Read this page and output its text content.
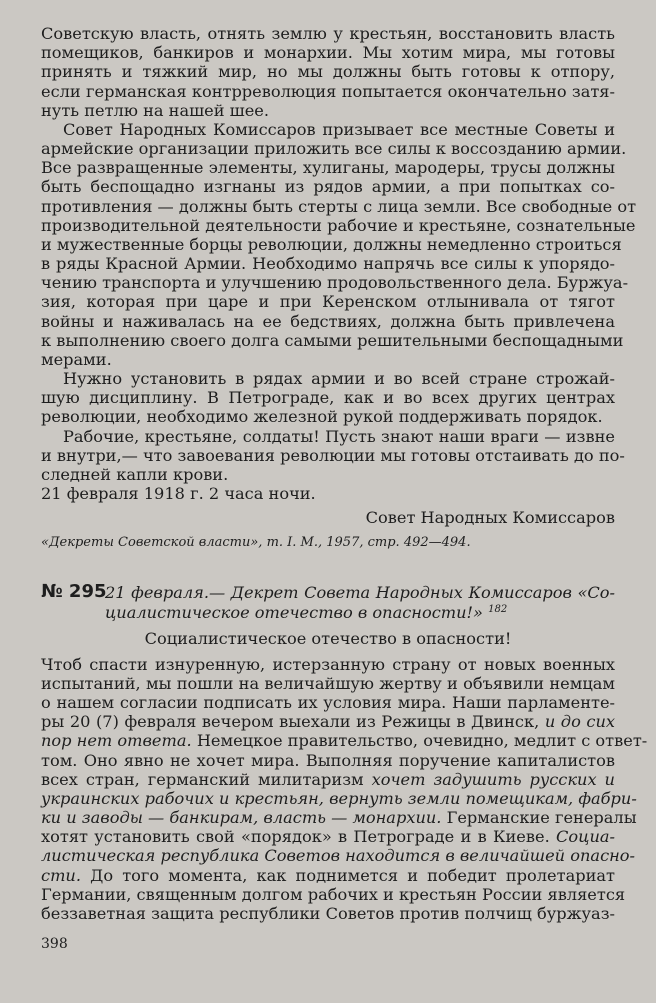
Советскую власть, отнять землю у крестьян, восстановить власть
помещиков, банкиров и монархии. Мы хотим мира, мы готовы
принять и тяжкий мир, но мы должны быть готовы к отпору,
если германская контрреволюция попытается окончательно затя-
нуть петлю на нашей шее.
Совет Народных Комиссаров призывает все местные Советы и
армейские организации приложить все силы к воссозданию армии.
Все развращенные элементы, хулиганы, мародеры, трусы должны
быть беспощадно изгнаны из рядов армии, а при попытках со-
противления — должны быть стерты с лица земли. Все свободные от
производительной деятельности рабочие и крестьяне, сознательные
и мужественные борцы революции, должны немедленно строиться
в ряды Красной Армии. Необходимо напрячь все силы к упорядо-
чению транспорта и улучшению продовольственного дела. Буржуа-
зия, которая при царе и при Керенском отлынивала от тягот
войны и наживалась на ее бедствиях, должна быть привлечена
к выполнению своего долга самыми решительными беспощадными
мерами.
Нужно установить в рядах армии и во всей стране строжай-
шую дисциплину. В Петрограде, как и во всех других центрах
революции, необходимо железной рукой поддерживать порядок.
Рабочие, крестьяне, солдаты! Пусть знают наши враги — извне
и внутри,— что завоевания революции мы готовы отстаивать до по-
следней капли крови.
21 февраля 1918 г. 2 часа ночи.
Совет Народных Комиссаров
«Декреты Советской власти», т. I. М., 1957, стр. 492—494.
№ 295
21 февраля.— Декрет Совета Народных Комиссаров «Со-
циалистическое отечество в опасности!» $^{182}$
Социалистическое отечество в опасности!
Чтоб спасти изнуренную, истерзанную страну от новых военных
испытаний, мы пошли на величайшую жертву и объявили немцам
о нашем согласии подписать их условия мира. Наши парламенте-
ры 20 (7) февраля вечером выехали из Режицы в Двинск, и до сих
пор нет ответа. Немецкое правительство, очевидно, медлит с ответ-
том. Оно явно не хочет мира. Выполняя поручение капиталистов
всех стран, германский милитаризм хочет задушить русских и
украинских рабочих и крестьян, вернуть земли помещикам, фабри-
ки и заводы — банкирам, власть — монархии. Германские генералы
хотят установить свой «порядок» в Петрограде и в Киеве. Социа-
листическая республика Советов находится в величайшей опасно-
сти. До того момента, как поднимется и победит пролетариат
Германии, священным долгом рабочих и крестьян России является
беззаветная защита республики Советов против полчищ буржуаз-
398
